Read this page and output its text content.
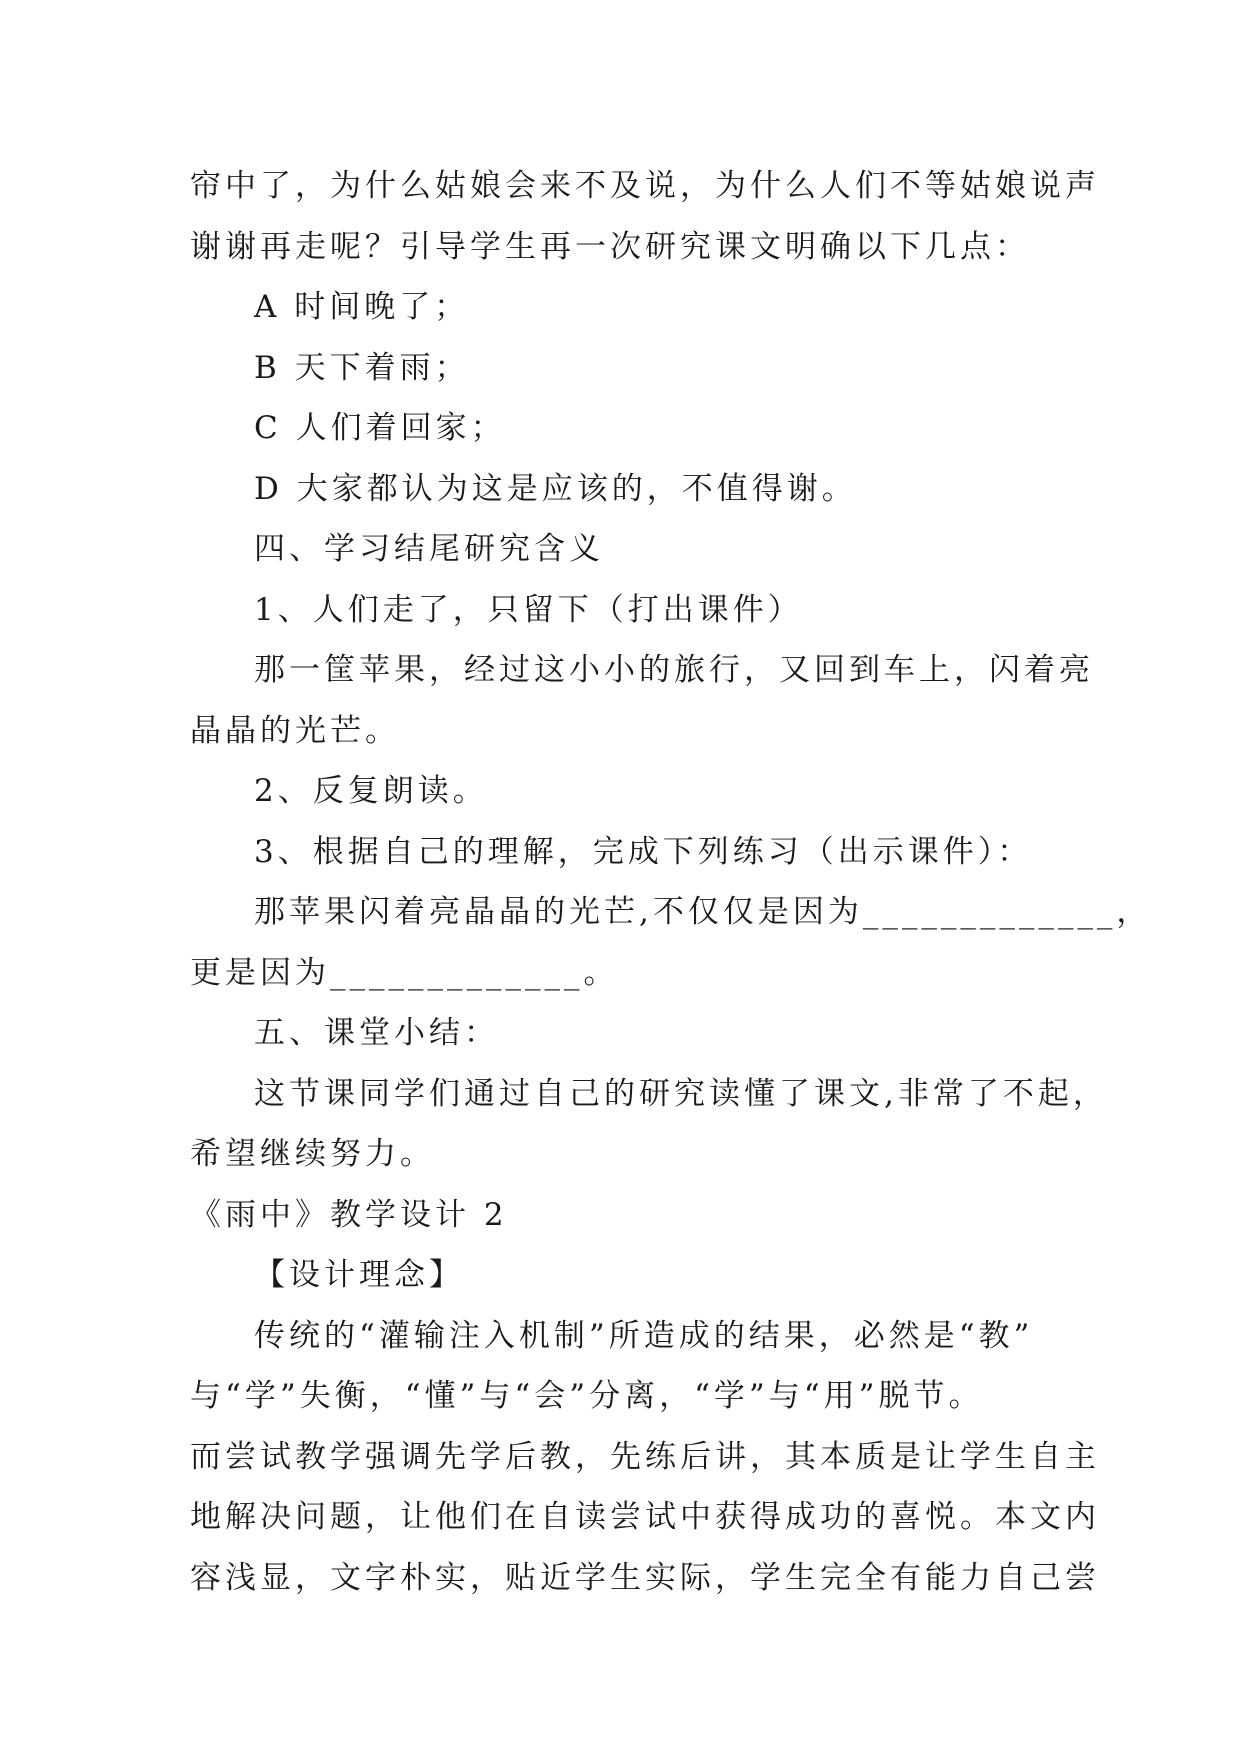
帘中了，为什么姑娘会来不及说，为什么人们不等姑娘说声
谢谢再走呢？引导学生再一次研究课文明确以下几点：
A 时间晚了；
B 天下着雨；
C 人们着回家；
D 大家都认为这是应该的，不值得谢。
四、学习结尾研究含义
1、人们走了，只留下（打出课件）
那一筐苹果，经过这小小的旅行，又回到车上，闪着亮
晶晶的光芒。
2、反复朗读。
3、根据自己的理解，完成下列练习（出示课件）：
那苹果闪着亮晶晶的光芒,不仅仅是因为_____________，
更是因为_____________。
五、课堂小结：
这节课同学们通过自己的研究读懂了课文,非常了不起，
希望继续努力。
《雨中》教学设计 2
【设计理念】
传统的“灌输注入机制”所造成的结果，必然是“教”
与“学”失衡，“懂”与“会”分离，“学”与“用”脱节。
而尝试教学强调先学后教，先练后讲，其本质是让学生自主
地解决问题，让他们在自读尝试中获得成功的喜悦。本文内
容浅显，文字朴实，贴近学生实际，学生完全有能力自己尝
